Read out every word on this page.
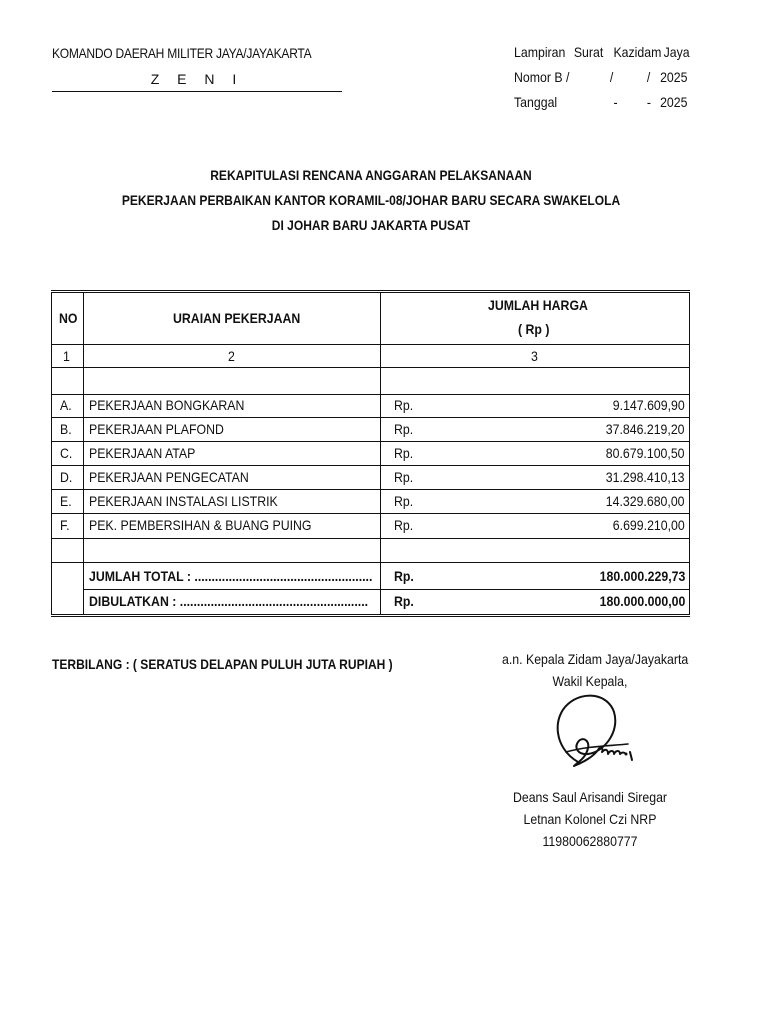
KOMANDO DAERAH MILITER JAYA/JAYAKARTA
Z E N I
Lampiran Surat Kazidam Jaya
Nomor B /	/ / 2025
Tanggal	- - 2025
REKAPITULASI RENCANA ANGGARAN PELAKSANAAN
PEKERJAAN PERBAIKAN KANTOR KORAMIL-08/JOHAR BARU SECARA SWAKELOLA
DI JOHAR BARU JAKARTA PUSAT
NO	URAIAN PEKERJAAN
JUMLAH HARGA
( Rp )
1	2	3
A. PEKERJAAN BONGKARAN	Rp.	9.147.609,90
B. PEKERJAAN PLAFOND	Rp.	37.846.219,20
C. PEKERJAAN ATAP	Rp.	80.679.100,50
D. PEKERJAAN PENGECATAN	Rp.	31.298.410,13
E. PEKERJAAN INSTALASI LISTRIK	Rp.	14.329.680,00
F. PEK. PEMBERSIHAN & BUANG PUING	Rp.	6.699.210,00
JUMLAH TOTAL : ....................................................	Rp.	180.000.229,73
DIBULATKAN : .......................................................	Rp.	180.000.000,00
TERBILANG : ( SERATUS DELAPAN PULUH JUTA RUPIAH )	a.n. Kepala Zidam Jaya/Jayakarta
Wakil Kepala,
Deans Saul Arisandi Siregar
Letnan Kolonel Czi NRP
11980062880777
